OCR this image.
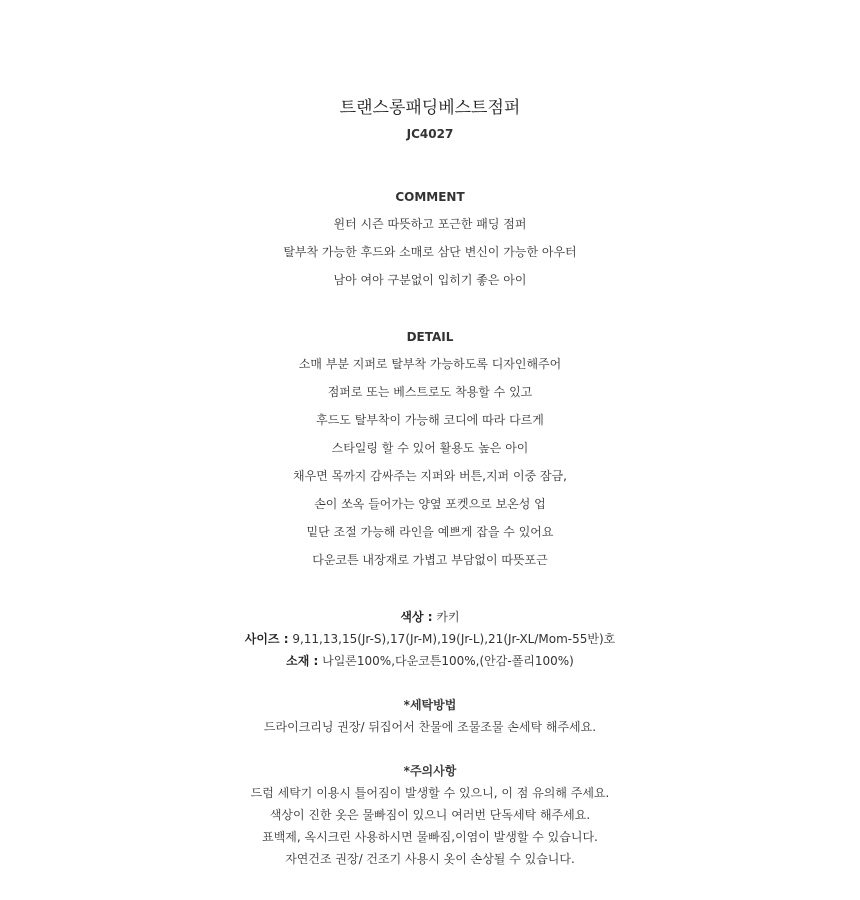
트랜스롱패딩베스트점퍼
JC4027
COMMENT
윈터 시즌 따뜻하고 포근한 패딩 점퍼
탈부착 가능한 후드와 소매로 삼단 변신이 가능한 아우터
남아 여아 구분없이 입히기 좋은 아이
DETAIL
소매 부분 지퍼로 탈부착 가능하도록 디자인해주어
점퍼로 또는 베스트로도 착용할 수 있고
후드도 탈부착이 가능해 코디에 따라 다르게
스타일링 할 수 있어 활용도 높은 아이
채우면 목까지 감싸주는 지퍼와 버튼,지퍼 이중 잠금,
손이 쏘옥 들어가는 양옆 포켓으로 보온성 업
밑단 조절 가능해 라인을 예쁘게 잡을 수 있어요
다운코튼 내장재로 가볍고 부담없이 따뜻포근
색상 : 카키
사이즈 : 9,11,13,15(Jr-S),17(Jr-M),19(Jr-L),21(Jr-XL/Mom-55반)호
소재 : 나일론100%,다운코튼100%,(안감-폴리100%)
*세탁방법
드라이크리닝 권장/ 뒤집어서 찬물에 조물조물 손세탁 해주세요.
*주의사항
드럼 세탁기 이용시 틀어짐이 발생할 수 있으니, 이 점 유의해 주세요.
색상이 진한 옷은 물빠짐이 있으니 여러번 단독세탁 해주세요.
표백제, 옥시크린 사용하시면 물빠짐,이염이 발생할 수 있습니다.
자연건조 권장/ 건조기 사용시 옷이 손상될 수 있습니다.
